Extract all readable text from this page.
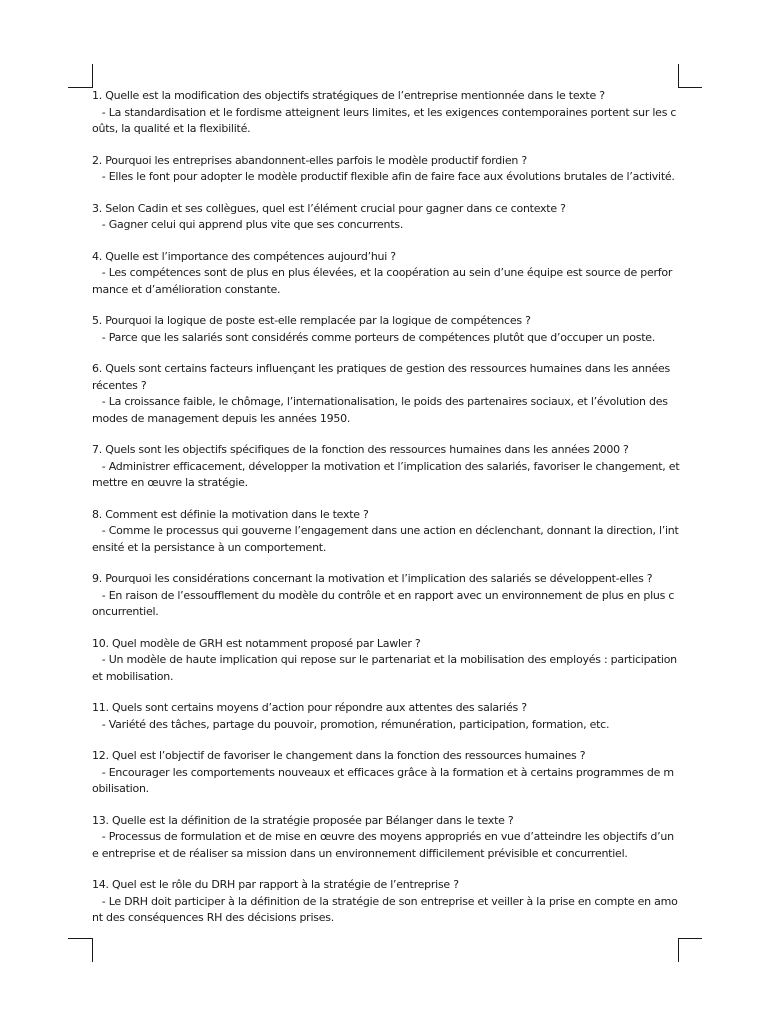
1. Quelle est la modification des objectifs stratégiques de l’entreprise mentionnée dans le texte ?
- La standardisation et le fordisme atteignent leurs limites, et les exigences contemporaines portent sur les coûts, la qualité et la flexibilité.
2. Pourquoi les entreprises abandonnent-elles parfois le modèle productif fordien ?
- Elles le font pour adopter le modèle productif flexible afin de faire face aux évolutions brutales de l’activité.
3. Selon Cadin et ses collègues, quel est l’élément crucial pour gagner dans ce contexte ?
- Gagner celui qui apprend plus vite que ses concurrents.
4. Quelle est l’importance des compétences aujourd’hui ?
- Les compétences sont de plus en plus élevées, et la coopération au sein d’une équipe est source de performance et d’amélioration constante.
5. Pourquoi la logique de poste est-elle remplacée par la logique de compétences ?
- Parce que les salariés sont considérés comme porteurs de compétences plutôt que d’occuper un poste.
6. Quels sont certains facteurs influençant les pratiques de gestion des ressources humaines dans les années récentes ?
- La croissance faible, le chômage, l’internationalisation, le poids des partenaires sociaux, et l’évolution des modes de management depuis les années 1950.
7. Quels sont les objectifs spécifiques de la fonction des ressources humaines dans les années 2000 ?
- Administrer efficacement, développer la motivation et l’implication des salariés, favoriser le changement, et mettre en œuvre la stratégie.
8. Comment est définie la motivation dans le texte ?
- Comme le processus qui gouverne l’engagement dans une action en déclenchant, donnant la direction, l’intensité et la persistance à un comportement.
9. Pourquoi les considérations concernant la motivation et l’implication des salariés se développent-elles ?
- En raison de l’essoufflement du modèle du contrôle et en rapport avec un environnement de plus en plus concurrentiel.
10. Quel modèle de GRH est notamment proposé par Lawler ?
- Un modèle de haute implication qui repose sur le partenariat et la mobilisation des employés : participation et mobilisation.
11. Quels sont certains moyens d’action pour répondre aux attentes des salariés ?
- Variété des tâches, partage du pouvoir, promotion, rémunération, participation, formation, etc.
12. Quel est l’objectif de favoriser le changement dans la fonction des ressources humaines ?
- Encourager les comportements nouveaux et efficaces grâce à la formation et à certains programmes de mobilisation.
13. Quelle est la définition de la stratégie proposée par Bélanger dans le texte ?
- Processus de formulation et de mise en œuvre des moyens appropriés en vue d’atteindre les objectifs d’une entreprise et de réaliser sa mission dans un environnement difficilement prévisible et concurrentiel.
14. Quel est le rôle du DRH par rapport à la stratégie de l’entreprise ?
- Le DRH doit participer à la définition de la stratégie de son entreprise et veiller à la prise en compte en amont des conséquences RH des décisions prises.
